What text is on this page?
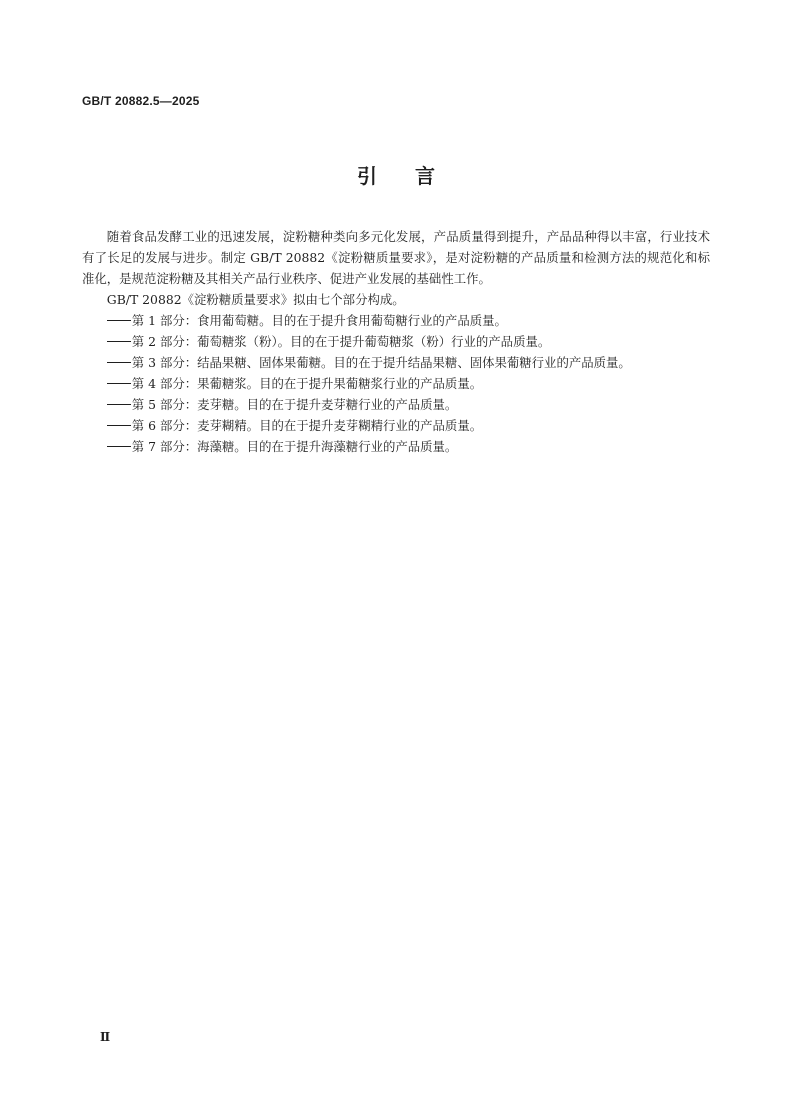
GB/T 20882.5—2025
引言

随着食品发酵工业的迅速发展，淀粉糖种类向多元化发展，产品质量得到提升，产品品种得以丰富，行业技术有了长足的发展与进步。制定 GB/T 20882《淀粉糖质量要求》，是对淀粉糖的产品质量和检测方法的规范化和标准化，是规范淀粉糖及其相关产品行业秩序、促进产业发展的基础性工作。

GB/T 20882《淀粉糖质量要求》拟由七个部分构成。

第 1 部分：食用葡萄糖。目的在于提升食用葡萄糖行业的产品质量。
第 2 部分：葡萄糖浆（粉）。目的在于提升葡萄糖浆（粉）行业的产品质量。
第 3 部分：结晶果糖、固体果葡糖。目的在于提升结晶果糖、固体果葡糖行业的产品质量。
第 4 部分：果葡糖浆。目的在于提升果葡糖浆行业的产品质量。
第 5 部分：麦芽糖。目的在于提升麦芽糖行业的产品质量。
第 6 部分：麦芽糊精。目的在于提升麦芽糊精行业的产品质量。
第 7 部分：海藻糖。目的在于提升海藻糖行业的产品质量。
Ⅱ
